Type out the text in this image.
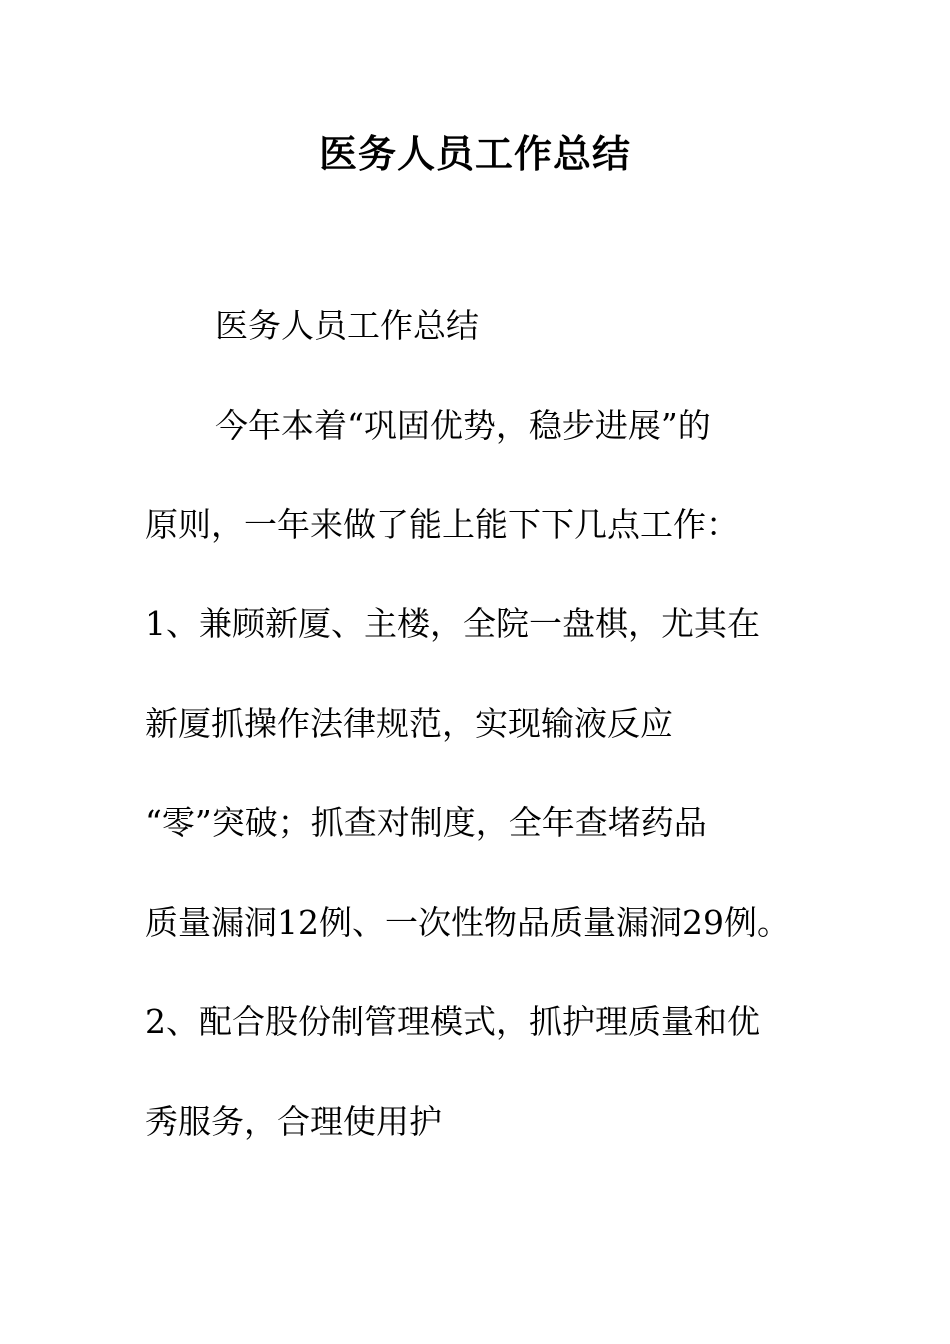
医务人员工作总结
医务人员工作总结
今年本着“巩固优势，稳步进展”的
原则，一年来做了能上能下下几点工作：
1、兼顾新厦、主楼，全院一盘棋，尤其在
新厦抓操作法律规范，实现输液反应
“零”突破；抓查对制度，全年查堵药品
质量漏洞12例、一次性物品质量漏洞29例。
2、配合股份制管理模式，抓护理质量和优
秀服务，合理使用护
